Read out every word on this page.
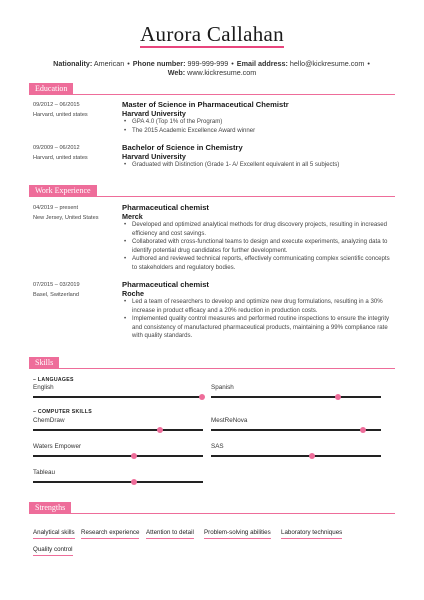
Aurora Callahan
Nationality: American • Phone number: 999-999-999 • Email address: hello@kickresume.com •
Web: www.kickresume.com
Education
09/2012 – 06/2015
Harvard, united states
Master of Science in Pharmaceutical Chemistr
Harvard University
• GPA 4.0 (Top 1% of the Program)
• The 2015 Academic Excellence Award winner
09/2009 – 06/2012
Harvard, united states
Bachelor of Science in Chemistry
Harvard University
• Graduated with Distinction (Grade 1- A/ Excellent equivalent in all 5 subjects)
Work Experience
04/2019 – present
New Jersey, United States
Pharmaceutical chemist
Merck
• Developed and optimized analytical methods for drug discovery projects, resulting in increased efficiency and cost savings.
• Collaborated with cross-functional teams to design and execute experiments, analyzing data to identify potential drug candidates for further development.
• Authored and reviewed technical reports, effectively communicating complex scientific concepts to stakeholders and regulatory bodies.
07/2015 – 03/2019
Basel, Switzerland
Pharmaceutical chemist
Roche
• Led a team of researchers to develop and optimize new drug formulations, resulting in a 30% increase in product efficacy and a 20% reduction in production costs.
• Implemented quality control measures and performed routine inspections to ensure the integrity and consistency of manufactured pharmaceutical products, maintaining a 99% compliance rate with quality standards.
Skills
– LANGUAGES
English	Spanish
– COMPUTER SKILLS
ChemDraw	MestReNova
Waters Empower	SAS
Tableau
Strengths
Analytical skills Research experience Attention to detail Problem-solving abilities Laboratory techniques
Quality control
